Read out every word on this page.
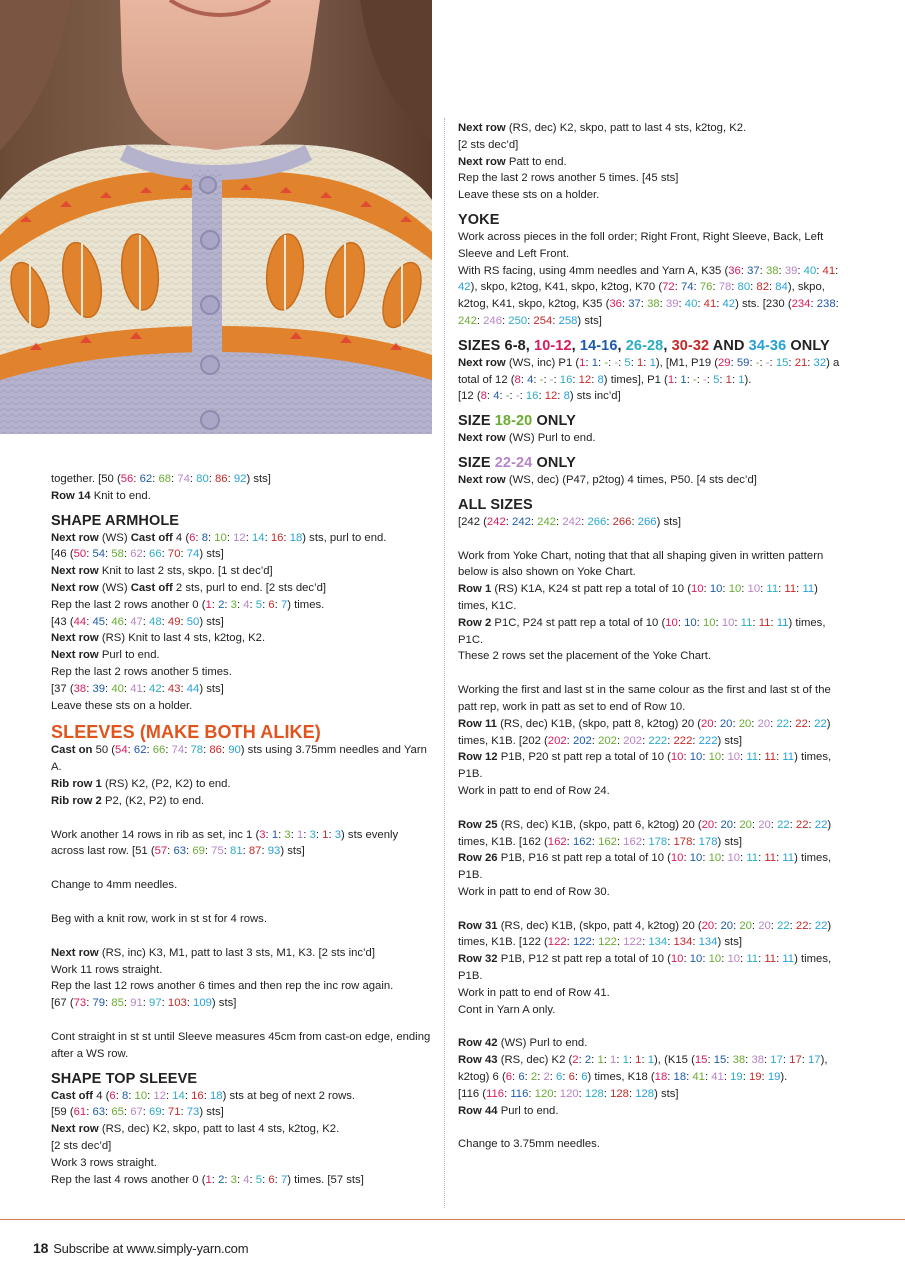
together. [50 (56: 62: 68: 74: 80: 86: 92) sts]
Row 14 Knit to end.
SHAPE ARMHOLE
Next row (WS) Cast off 4 (6: 8: 10: 12: 14: 16: 18) sts, purl to end.
[46 (50: 54: 58: 62: 66: 70: 74) sts]
Next row Knit to last 2 sts, skpo. [1 st dec’d]
Next row (WS) Cast off 2 sts, purl to end. [2 sts dec’d]
Rep the last 2 rows another 0 (1: 2: 3: 4: 5: 6: 7) times.
[43 (44: 45: 46: 47: 48: 49: 50) sts]
Next row (RS) Knit to last 4 sts, k2tog, K2.
Next row Purl to end.
Rep the last 2 rows another 5 times.
[37 (38: 39: 40: 41: 42: 43: 44) sts]
Leave these sts on a holder.
SLEEVES (MAKE BOTH ALIKE)
Cast on 50 (54: 62: 66: 74: 78: 86: 90) sts using 3.75mm needles and Yarn A.
Rib row 1 (RS) K2, (P2, K2) to end.
Rib row 2 P2, (K2, P2) to end.
Work another 14 rows in rib as set, inc 1 (3: 1: 3: 1: 3: 1: 3) sts evenly across last row. [51 (57: 63: 69: 75: 81: 87: 93) sts]
Change to 4mm needles.
Beg with a knit row, work in st st for 4 rows.
Next row (RS, inc) K3, M1, patt to last 3 sts, M1, K3. [2 sts inc’d]
Work 11 rows straight.
Rep the last 12 rows another 6 times and then rep the inc row again.
[67 (73: 79: 85: 91: 97: 103: 109) sts]
Cont straight in st st until Sleeve measures 45cm from cast-on edge, ending after a WS row.
SHAPE TOP SLEEVE
Cast off 4 (6: 8: 10: 12: 14: 16: 18) sts at beg of next 2 rows.
[59 (61: 63: 65: 67: 69: 71: 73) sts]
Next row (RS, dec) K2, skpo, patt to last 4 sts, k2tog, K2.
[2 sts dec’d]
Work 3 rows straight.
Rep the last 4 rows another 0 (1: 2: 3: 4: 5: 6: 7) times. [57 sts]
Next row (RS, dec) K2, skpo, patt to last 4 sts, k2tog, K2.
[2 sts dec’d]
Next row Patt to end.
Rep the last 2 rows another 5 times. [45 sts]
Leave these sts on a holder.
YOKE
Work across pieces in the foll order; Right Front, Right Sleeve, Back, Left Sleeve and Left Front.
With RS facing, using 4mm needles and Yarn A, K35 (36: 37: 38: 39: 40: 41: 42), skpo, k2tog, K41, skpo, k2tog, K70 (72: 74: 76: 78: 80: 82: 84), skpo, k2tog, K41, skpo, k2tog, K35 (36: 37: 38: 39: 40: 41: 42) sts. [230 (234: 238: 242: 246: 250: 254: 258) sts]
SIZES 6-8, 10-12, 14-16, 26-28, 30-32 AND 34-36 ONLY
Next row (WS, inc) P1 (1: 1: -: -: 5: 1: 1), [M1, P19 (29: 59: -: -: 15: 21: 32) a total of 12 (8: 4: -: -: 16: 12: 8) times], P1 (1: 1: -: -: 5: 1: 1).
[12 (8: 4: -: -: 16: 12: 8) sts inc’d]
SIZE 18-20 ONLY
Next row (WS) Purl to end.
SIZE 22-24 ONLY
Next row (WS, dec) (P47, p2tog) 4 times, P50. [4 sts dec’d]
ALL SIZES
[242 (242: 242: 242: 242: 266: 266: 266) sts]
Work from Yoke Chart, noting that that all shaping given in written pattern below is also shown on Yoke Chart.
Row 1 (RS) K1A, K24 st patt rep a total of 10 (10: 10: 10: 10: 11: 11: 11) times, K1C.
Row 2 P1C, P24 st patt rep a total of 10 (10: 10: 10: 10: 11: 11: 11) times, P1C.
These 2 rows set the placement of the Yoke Chart.
Working the first and last st in the same colour as the first and last st of the patt rep, work in patt as set to end of Row 10.
Row 11 (RS, dec) K1B, (skpo, patt 8, k2tog) 20 (20: 20: 20: 20: 22: 22: 22) times, K1B. [202 (202: 202: 202: 202: 222: 222: 222) sts]
Row 12 P1B, P20 st patt rep a total of 10 (10: 10: 10: 10: 11: 11: 11) times, P1B.
Work in patt to end of Row 24.
Row 25 (RS, dec) K1B, (skpo, patt 6, k2tog) 20 (20: 20: 20: 20: 22: 22: 22) times, K1B. [162 (162: 162: 162: 162: 178: 178: 178) sts]
Row 26 P1B, P16 st patt rep a total of 10 (10: 10: 10: 10: 11: 11: 11) times, P1B.
Work in patt to end of Row 30.
Row 31 (RS, dec) K1B, (skpo, patt 4, k2tog) 20 (20: 20: 20: 20: 22: 22: 22) times, K1B. [122 (122: 122: 122: 122: 134: 134: 134) sts]
Row 32 P1B, P12 st patt rep a total of 10 (10: 10: 10: 10: 11: 11: 11) times, P1B.
Work in patt to end of Row 41.
Cont in Yarn A only.
Row 42 (WS) Purl to end.
Row 43 (RS, dec) K2 (2: 2: 1: 1: 1: 1: 1), (K15 (15: 15: 38: 38: 17: 17: 17), k2tog) 6 (6: 6: 2: 2: 6: 6: 6) times, K18 (18: 18: 41: 41: 19: 19: 19).
[116 (116: 116: 120: 120: 128: 128: 128) sts]
Row 44 Purl to end.
Change to 3.75mm needles.
18 Subscribe at www.simply-yarn.com
